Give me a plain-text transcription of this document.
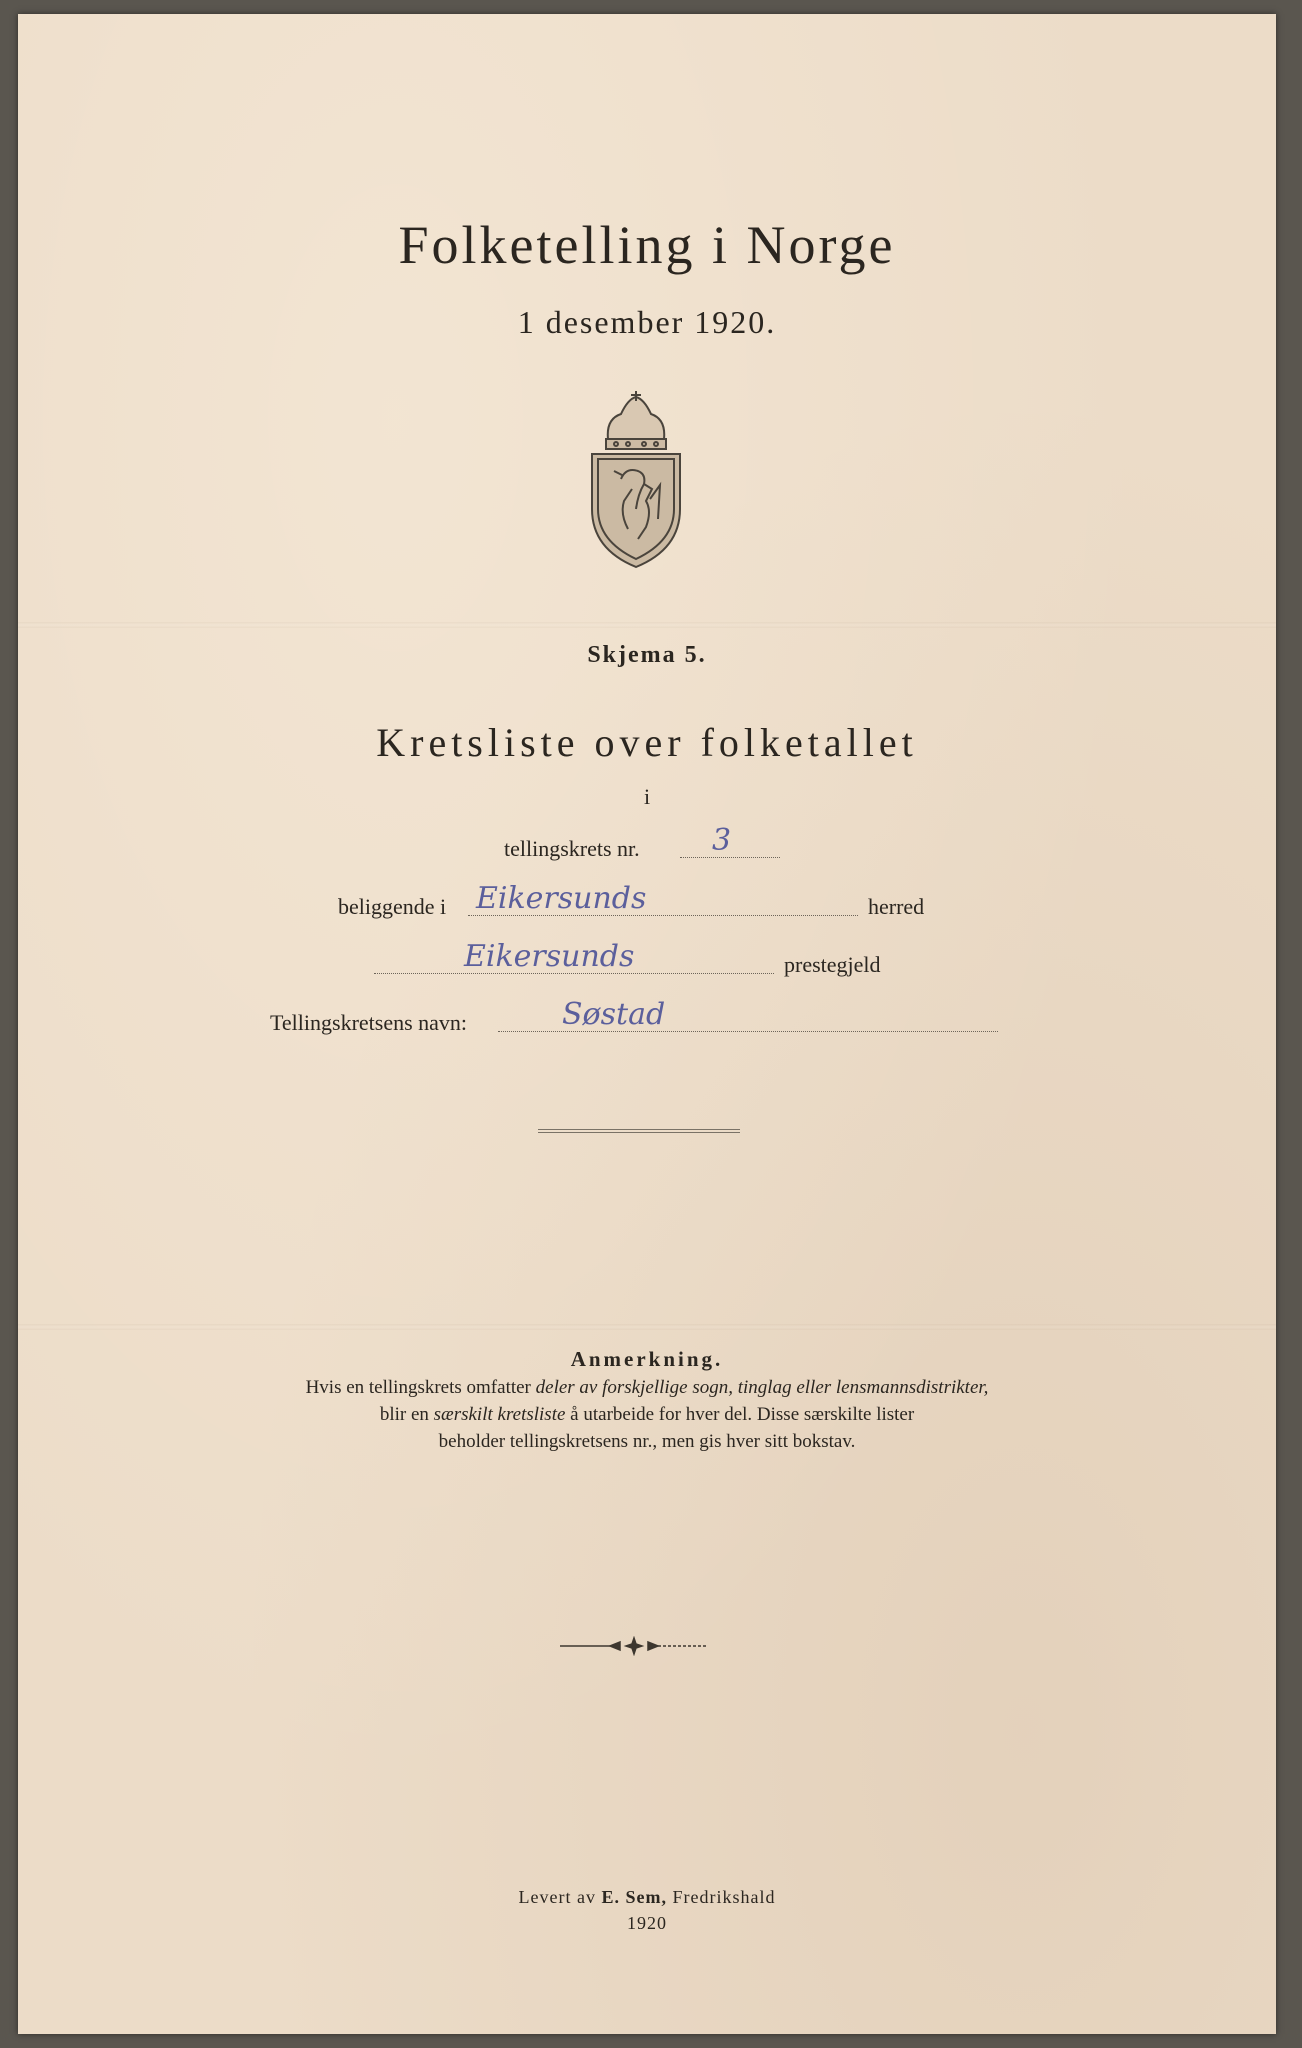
Folketelling i Norge
1 desember 1920.
Skjema 5.
Kretsliste over folketallet
i
tellingskrets nr. 3
beliggende i Eikersunds	herred
Eikersunds	prestegjeld
Tellingskretsens navn:	Søstad
Anmerkning.
Hvis en tellingskrets omfatter deler av forskjellige sogn, tinglag eller lensmannsdistrikter,
blir en særskilt kretsliste å utarbeide for hver del. Disse særskilte lister
beholder tellingskretsens nr., men gis hver sitt bokstav.
Levert av E. Sem, Fredrikshald
1920
